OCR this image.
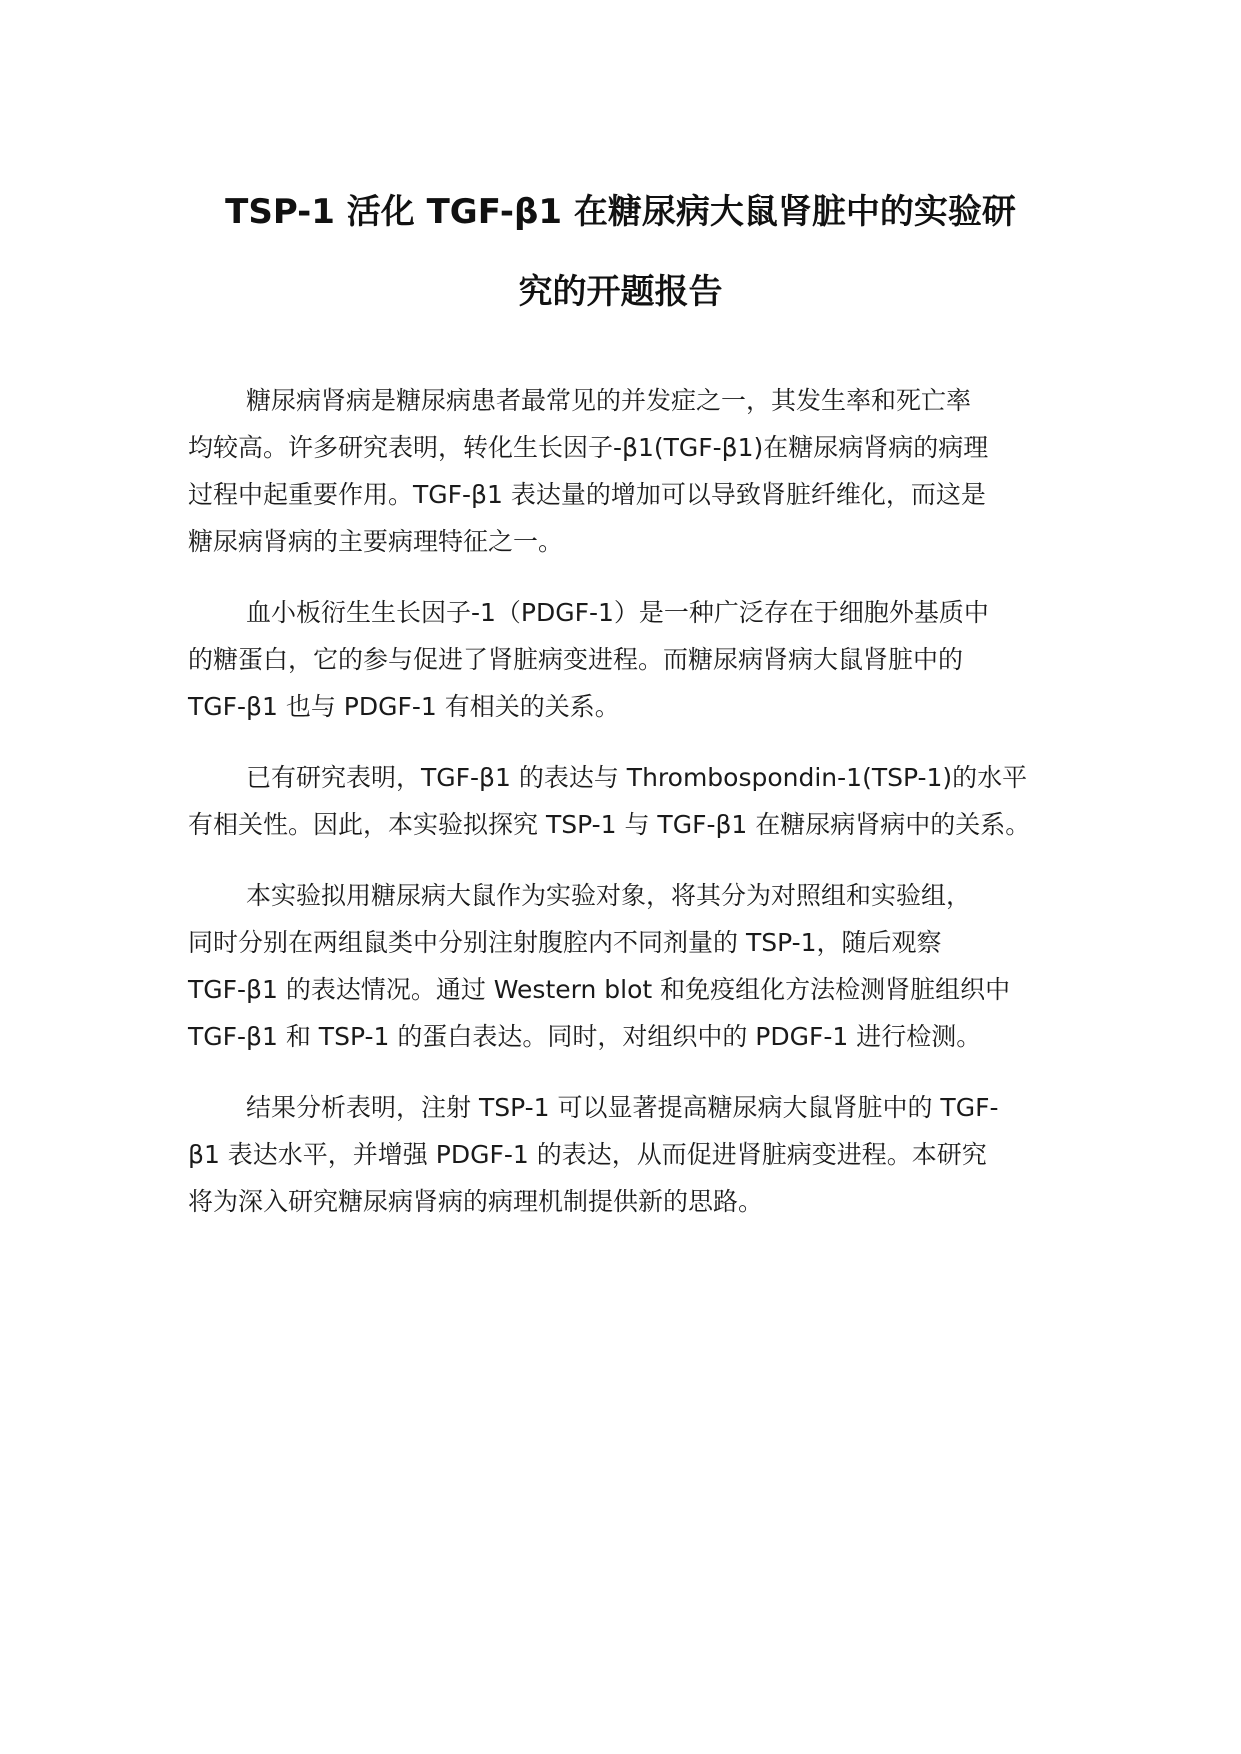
TSP-1 活化 TGF-β1 在糖尿病大鼠肾脏中的实验研
究的开题报告

糖尿病肾病是糖尿病患者最常见的并发症之一，其发生率和死亡率
均较高。许多研究表明，转化生长因子-β1(TGF-β1)在糖尿病肾病的病理
过程中起重要作用。TGF-β1 表达量的增加可以导致肾脏纤维化，而这是
糖尿病肾病的主要病理特征之一。

血小板衍生生长因子-1（PDGF-1）是一种广泛存在于细胞外基质中
的糖蛋白，它的参与促进了肾脏病变进程。而糖尿病肾病大鼠肾脏中的
TGF-β1 也与 PDGF-1 有相关的关系。

已有研究表明，TGF-β1 的表达与 Thrombospondin-1(TSP-1)的水平
有相关性。因此，本实验拟探究 TSP-1 与 TGF-β1 在糖尿病肾病中的关系。

本实验拟用糖尿病大鼠作为实验对象，将其分为对照组和实验组，
同时分别在两组鼠类中分别注射腹腔内不同剂量的 TSP-1，随后观察
TGF-β1 的表达情况。通过 Western blot 和免疫组化方法检测肾脏组织中
TGF-β1 和 TSP-1 的蛋白表达。同时，对组织中的 PDGF-1 进行检测。

结果分析表明，注射 TSP-1 可以显著提高糖尿病大鼠肾脏中的 TGF-
β1 表达水平，并增强 PDGF-1 的表达，从而促进肾脏病变进程。本研究
将为深入研究糖尿病肾病的病理机制提供新的思路。
